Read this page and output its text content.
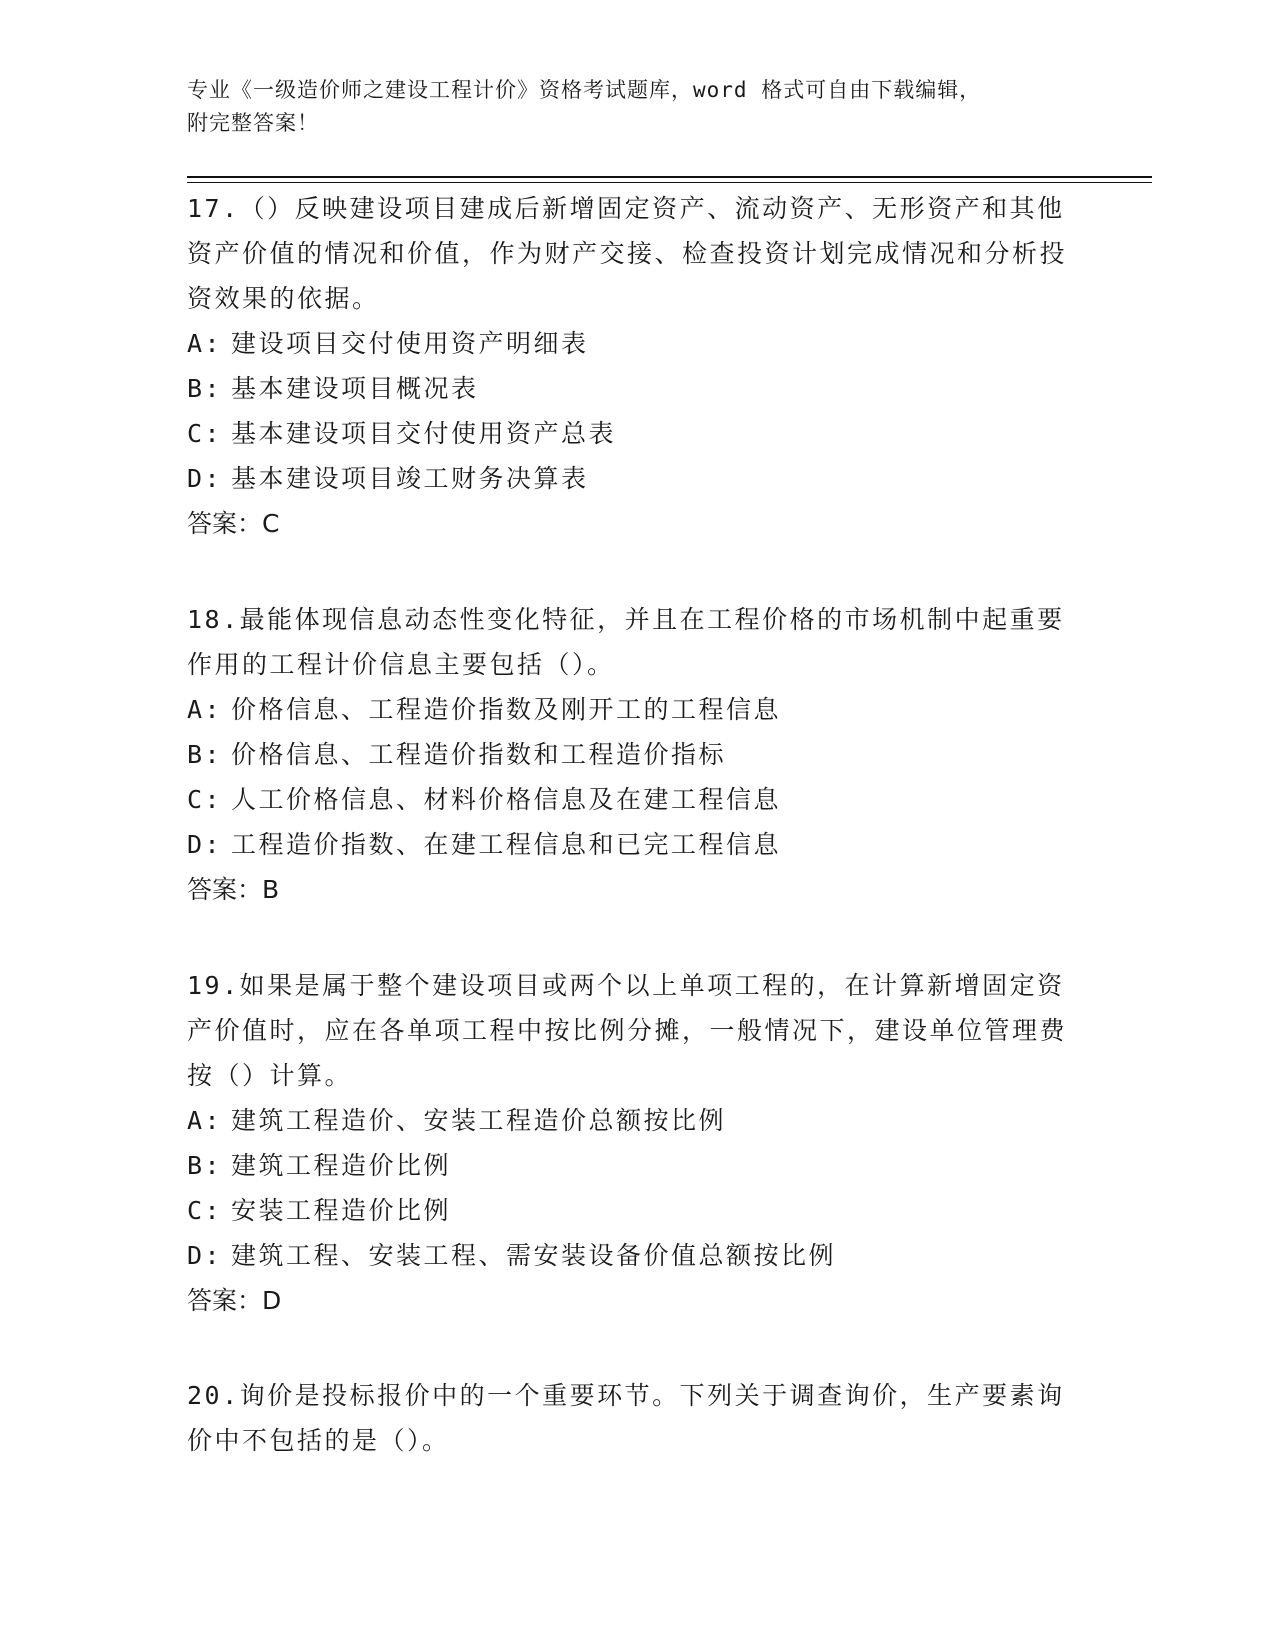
专业《一级造价师之建设工程计价》资格考试题库，word 格式可自由下载编辑，
附完整答案！

17.（）反映建设项目建成后新增固定资产、流动资产、无形资产和其他资产价值的情况和价值，作为财产交接、检查投资计划完成情况和分析投资效果的依据。

A: 建设项目交付使用资产明细表

B: 基本建设项目概况表

C: 基本建设项目交付使用资产总表

D: 基本建设项目竣工财务决算表

答案：C

18.最能体现信息动态性变化特征，并且在工程价格的市场机制中起重要作用的工程计价信息主要包括（）。

A: 价格信息、工程造价指数及刚开工的工程信息

B: 价格信息、工程造价指数和工程造价指标

C: 人工价格信息、材料价格信息及在建工程信息

D: 工程造价指数、在建工程信息和已完工程信息

答案：B

19.如果是属于整个建设项目或两个以上单项工程的，在计算新增固定资产价值时，应在各单项工程中按比例分摊，一般情况下，建设单位管理费按（）计算。

A: 建筑工程造价、安装工程造价总额按比例

B: 建筑工程造价比例

C: 安装工程造价比例

D: 建筑工程、安装工程、需安装设备价值总额按比例

答案：D

20.询价是投标报价中的一个重要环节。下列关于调查询价，生产要素询价中不包括的是（）。
